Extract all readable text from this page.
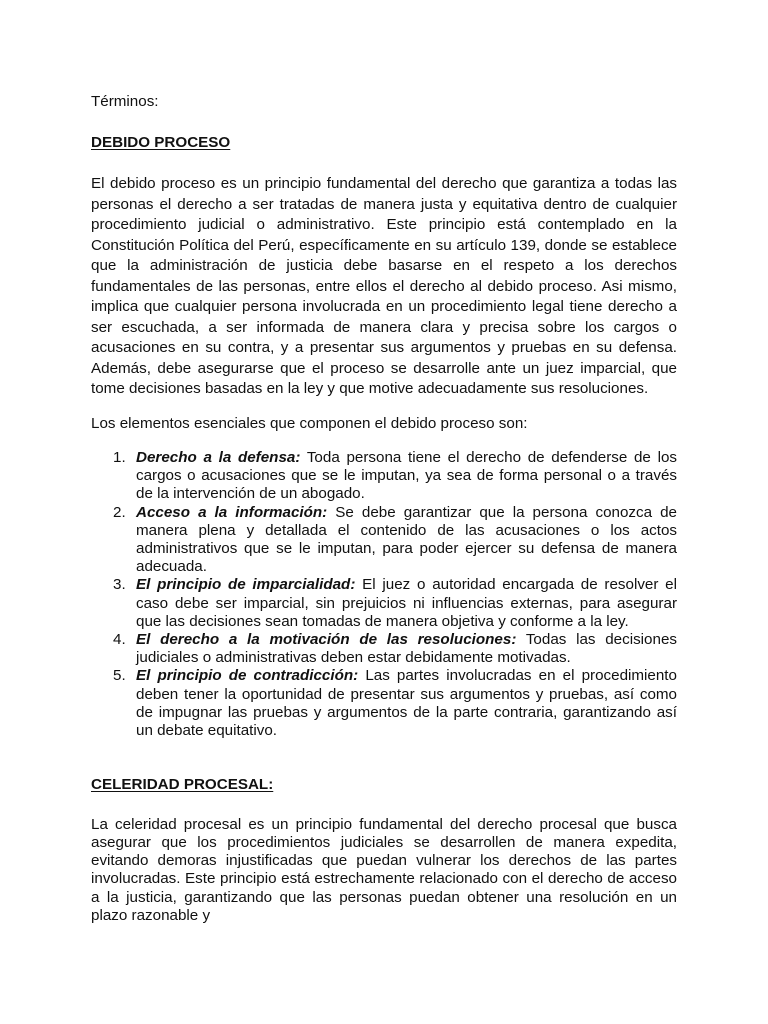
Términos:

DEBIDO PROCESO

El debido proceso es un principio fundamental del derecho que garantiza a todas las personas el derecho a ser tratadas de manera justa y equitativa dentro de cualquier procedimiento judicial o administrativo. Este principio está contemplado en la Constitución Política del Perú, específicamente en su artículo 139, donde se establece que la administración de justicia debe basarse en el respeto a los derechos fundamentales de las personas, entre ellos el derecho al debido proceso. Asi mismo, implica que cualquier persona involucrada en un procedimiento legal tiene derecho a ser escuchada, a ser informada de manera clara y precisa sobre los cargos o acusaciones en su contra, y a presentar sus argumentos y pruebas en su defensa. Además, debe asegurarse que el proceso se desarrolle ante un juez imparcial, que tome decisiones basadas en la ley y que motive adecuadamente sus resoluciones.

Los elementos esenciales que componen el debido proceso son:

1. Derecho a la defensa: Toda persona tiene el derecho de defenderse de los cargos o acusaciones que se le imputan, ya sea de forma personal o a través de la intervención de un abogado.
2. Acceso a la información: Se debe garantizar que la persona conozca de manera plena y detallada el contenido de las acusaciones o los actos administrativos que se le imputan, para poder ejercer su defensa de manera adecuada.
3. El principio de imparcialidad: El juez o autoridad encargada de resolver el caso debe ser imparcial, sin prejuicios ni influencias externas, para asegurar que las decisiones sean tomadas de manera objetiva y conforme a la ley.
4. El derecho a la motivación de las resoluciones: Todas las decisiones judiciales o administrativas deben estar debidamente motivadas.
5. El principio de contradicción: Las partes involucradas en el procedimiento deben tener la oportunidad de presentar sus argumentos y pruebas, así como de impugnar las pruebas y argumentos de la parte contraria, garantizando así un debate equitativo.

CELERIDAD PROCESAL:

La celeridad procesal es un principio fundamental del derecho procesal que busca asegurar que los procedimientos judiciales se desarrollen de manera expedita, evitando demoras injustificadas que puedan vulnerar los derechos de las partes involucradas. Este principio está estrechamente relacionado con el derecho de acceso a la justicia, garantizando que las personas puedan obtener una resolución en un plazo razonable y
